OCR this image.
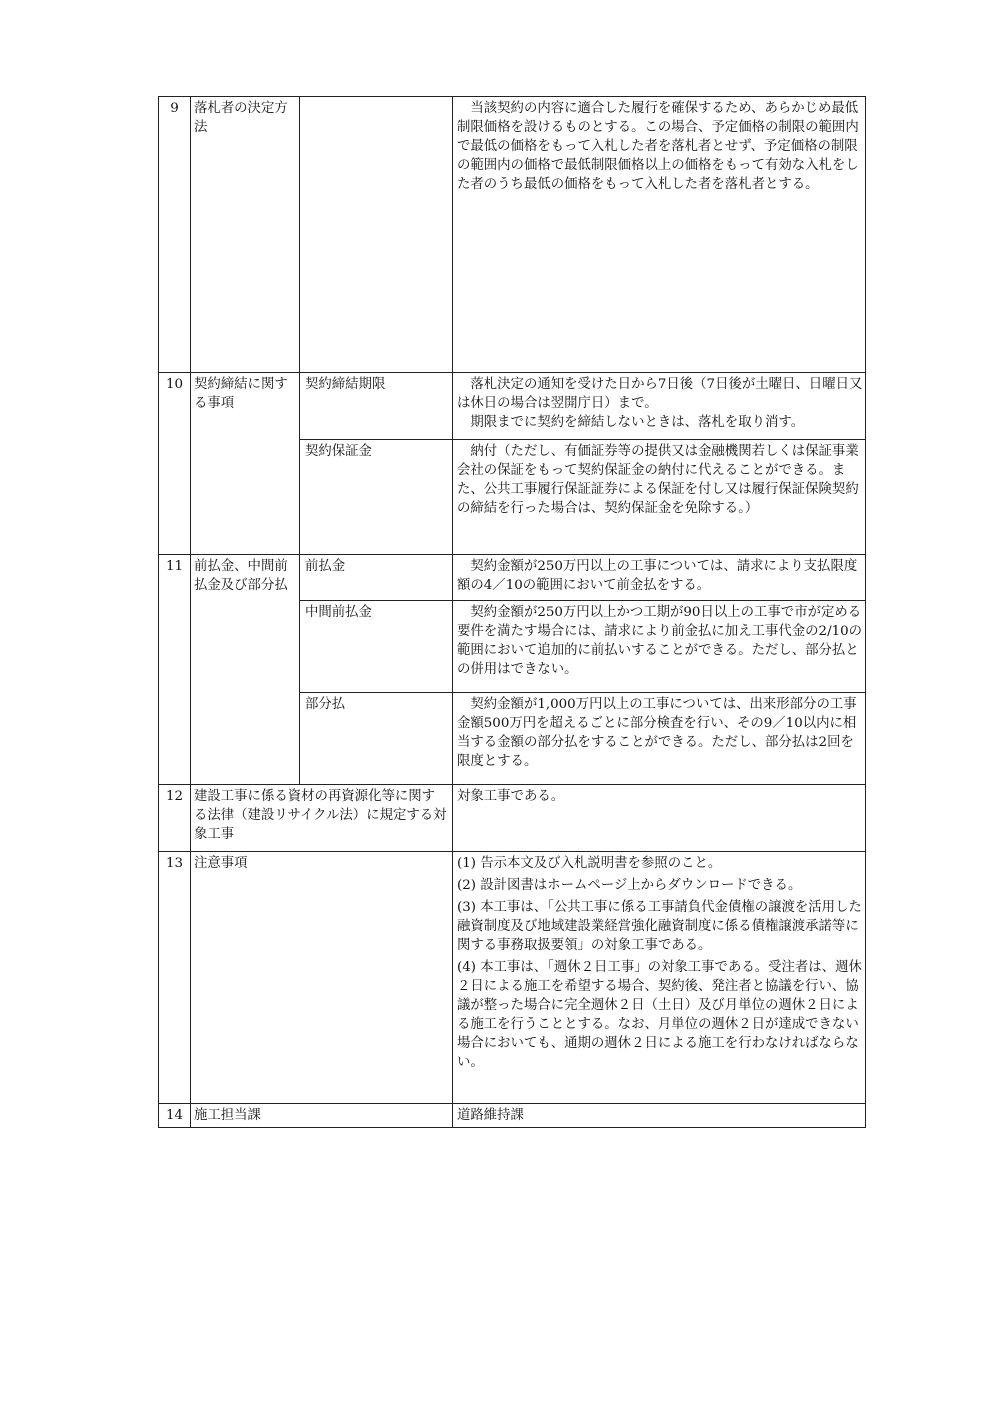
9	落札者の決定方法		当該契約の内容に適合した履行を確保するため、あらかじめ最低制限価格を設けるものとする。この場合、予定価格の制限の範囲内で最低の価格をもって入札した者を落札者とせず、予定価格の制限の範囲内の価格で最低制限価格以上の価格をもって有効な入札をした者のうち最低の価格をもって入札した者を落札者とする。
10	契約締結に関する事項	契約締結期限	落札決定の通知を受けた日から7日後（7日後が土曜日、日曜日又は休日の場合は翌開庁日）まで。
期限までに契約を締結しないときは、落札を取り消す。

		契約保証金	納付（ただし、有価証券等の提供又は金融機関若しくは保証事業会社の保証をもって契約保証金の納付に代えることができる。また、公共工事履行保証証券による保証を付し又は履行保証保険契約の締結を行った場合は、契約保証金を免除する。）
11	前払金、中間前払金及び部分払	前払金	契約金額が250万円以上の工事については、請求により支払限度額の4／10の範囲において前金払をする。
		中間前払金	契約金額が250万円以上かつ工期が90日以上の工事で市が定める要件を満たす場合には、請求により前金払に加え工事代金の2/10の範囲において追加的に前払いすることができる。ただし、部分払との併用はできない。
		部分払	契約金額が1,000万円以上の工事については、出来形部分の工事金額500万円を超えるごとに部分検査を行い、その9／10以内に相当する金額の部分払をすることができる。ただし、部分払は2回を限度とする。
12	建設工事に係る資材の再資源化等に関する法律（建設リサイクル法）に規定する対象工事		対象工事である。
13	注意事項		(1) 告示本文及び入札説明書を参照のこと。
(2) 設計図書はホームページ上からダウンロードできる。
(3) 本工事は、「公共工事に係る工事請負代金債権の譲渡を活用した融資制度及び地域建設業経営強化融資制度に係る債権譲渡承諾等に関する事務取扱要領」の対象工事である。
(4) 本工事は、「週休２日工事」の対象工事である。受注者は、週休２日による施工を希望する場合、契約後、発注者と協議を行い、協議が整った場合に完全週休２日（土日）及び月単位の週休２日による施工を行うこととする。なお、月単位の週休２日が達成できない場合においても、通期の週休２日による施工を行わなければならない。

14	施工担当課		道路維持課
